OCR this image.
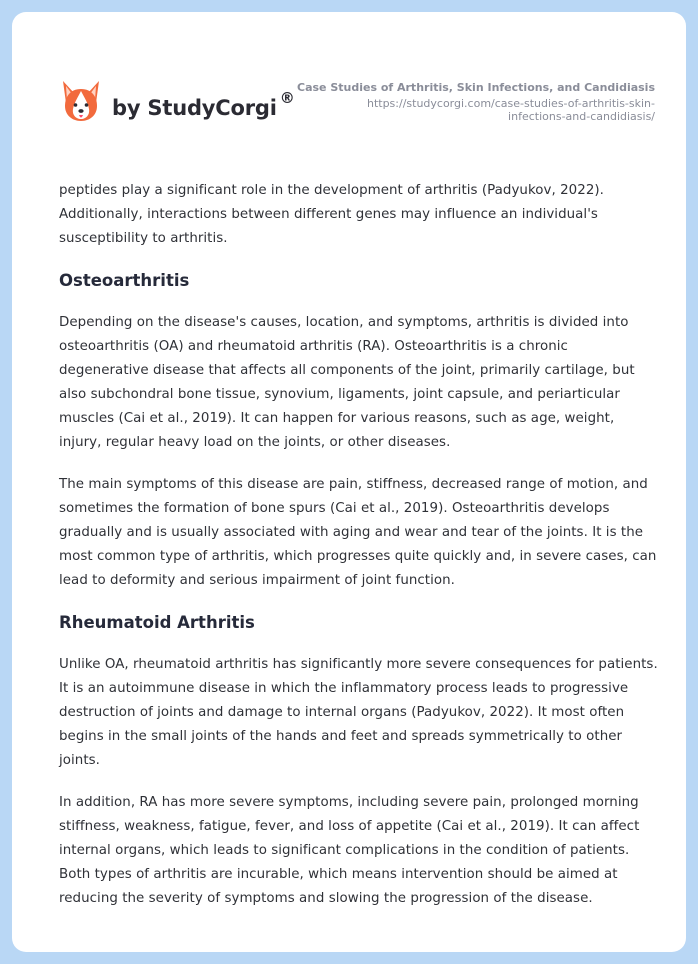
by StudyCorgi ®
Case Studies of Arthritis, Skin Infections, and Candidiasis
https://studycorgi.com/case-studies-of-arthritis-skin-
infections-and-candidiasis/

peptides play a significant role in the development of arthritis (Padyukov, 2022). Additionally, interactions between different genes may influence an individual's susceptibility to arthritis.

Osteoarthritis

Depending on the disease's causes, location, and symptoms, arthritis is divided into osteoarthritis (OA) and rheumatoid arthritis (RA). Osteoarthritis is a chronic degenerative disease that affects all components of the joint, primarily cartilage, but also subchondral bone tissue, synovium, ligaments, joint capsule, and periarticular muscles (Cai et al., 2019). It can happen for various reasons, such as age, weight, injury, regular heavy load on the joints, or other diseases.

The main symptoms of this disease are pain, stiffness, decreased range of motion, and sometimes the formation of bone spurs (Cai et al., 2019). Osteoarthritis develops gradually and is usually associated with aging and wear and tear of the joints. It is the most common type of arthritis, which progresses quite quickly and, in severe cases, can lead to deformity and serious impairment of joint function.

Rheumatoid Arthritis

Unlike OA, rheumatoid arthritis has significantly more severe consequences for patients. It is an autoimmune disease in which the inflammatory process leads to progressive destruction of joints and damage to internal organs (Padyukov, 2022). It most often begins in the small joints of the hands and feet and spreads symmetrically to other joints.

In addition, RA has more severe symptoms, including severe pain, prolonged morning stiffness, weakness, fatigue, fever, and loss of appetite (Cai et al., 2019). It can affect internal organs, which leads to significant complications in the condition of patients. Both types of arthritis are incurable, which means intervention should be aimed at reducing the severity of symptoms and slowing the progression of the disease.
